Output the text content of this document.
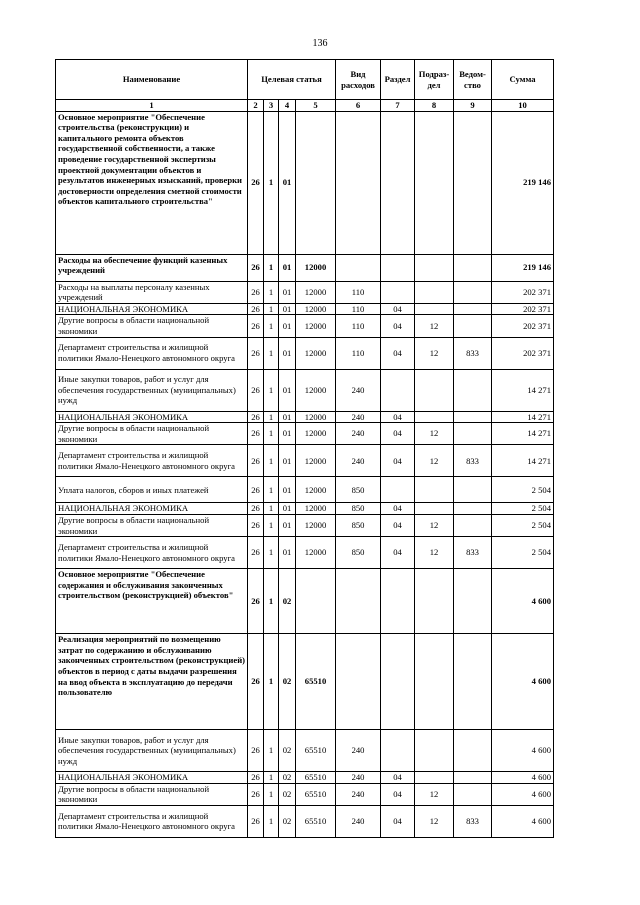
136
Наименование	Целевая статья				Вид расходов	Раздел	Подраз- дел	Ведом- ство	Сумма
1	2	3	4	5	6	7	8	9	10
Основное мероприятие "Обеспечение строительства (реконструкции) и капитального ремонта объектов государственной собственности, а также проведение государственной экспертизы проектной документации объектов и результатов инженерных изысканий, проверки достоверности определения сметной стоимости объектов капитального строительства"	26	1	01						219 146
Расходы на обеспечение функций казенных учреждений	26	1	01	12000					219 146
Расходы на выплаты персоналу казенных учреждений	26	1	01	12000	110				202 371
НАЦИОНАЛЬНАЯ ЭКОНОМИКА	26	1	01	12000	110	04			202 371
Другие вопросы в области национальной экономики	26	1	01	12000	110	04	12		202 371
Департамент строительства и жилищной политики Ямало-Ненецкого автономного округа	26	1	01	12000	110	04	12	833	202 371
Иные закупки товаров, работ и услуг для обеспечения государственных (муниципальных) нужд	26	1	01	12000	240				14 271
НАЦИОНАЛЬНАЯ ЭКОНОМИКА	26	1	01	12000	240	04			14 271
Другие вопросы в области национальной экономики	26	1	01	12000	240	04	12		14 271
Департамент строительства и жилищной политики Ямало-Ненецкого автономного округа	26	1	01	12000	240	04	12	833	14 271
Уплата налогов, сборов и иных платежей	26	1	01	12000	850				2 504
НАЦИОНАЛЬНАЯ ЭКОНОМИКА	26	1	01	12000	850	04			2 504
Другие вопросы в области национальной экономики	26	1	01	12000	850	04	12		2 504
Департамент строительства и жилищной политики Ямало-Ненецкого автономного округа	26	1	01	12000	850	04	12	833	2 504
Основное мероприятие "Обеспечение содержания и обслуживания законченных строительством (реконструкцией) объектов"	26	1	02						4 600
Реализация мероприятий по возмещению затрат по содержанию и обслуживанию законченных строительством (реконструкцией) объектов в период с даты выдачи разрешения на ввод объекта в эксплуатацию до передачи пользователю	26	1	02	65510					4 600
Иные закупки товаров, работ и услуг для обеспечения государственных (муниципальных) нужд	26	1	02	65510	240				4 600
НАЦИОНАЛЬНАЯ ЭКОНОМИКА	26	1	02	65510	240	04			4 600
Другие вопросы в области национальной экономики	26	1	02	65510	240	04	12		4 600
Департамент строительства и жилищной политики Ямало-Ненецкого автономного округа	26	1	02	65510	240	04	12	833	4 600
